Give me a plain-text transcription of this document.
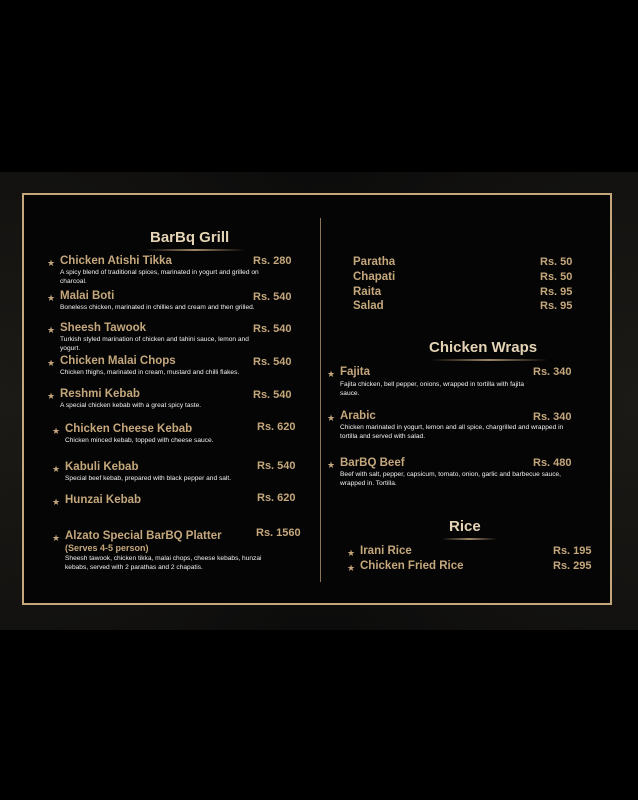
BarBq Grill
★ Chicken Atishi Tikka	Rs. 280
A spicy blend of traditional spices, marinated in yogurt and grilled on charcoal.
★ Malai Boti	Rs. 540
Boneless chicken, marinated in chillies and cream and then grilled.
★ Sheesh Tawook	Rs. 540
Turkish styled marination of chicken and tahini sauce, lemon and yogurt.
★ Chicken Malai Chops	Rs. 540
Chicken thighs, marinated in cream, mustard and chilli flakes.
★ Reshmi Kebab	Rs. 540
A special chicken kebab with a great spicy taste.
★ Chicken Cheese Kebab	Rs. 620
Chicken minced kebab, topped with cheese sauce.
★ Kabuli Kebab	Rs. 540
Special beef kebab, prepared with black pepper and salt.
★ Hunzai Kebab	Rs. 620
★ Alzato Special BarBQ Platter	Rs. 1560
(Serves 4-5 person)
Sheesh tawook, chicken tikka, malai chops, cheese kebabs, hunzai kebabs, served with 2 parathas and 2 chapatis.
Paratha	Rs. 50
Chapati	Rs. 50
Raita	Rs. 95
Salad	Rs. 95
Chicken Wraps
★ Fajita	Rs. 340
Fajita chicken, bell pepper, onions, wrapped in tortilla with fajita sauce.
★ Arabic	Rs. 340
Chicken marinated in yogurt, lemon and all spice, chargrilled and wrapped in tortilla and served with salad.
★ BarBQ Beef	Rs. 480
Beef with salt, pepper, capsicum, tomato, onion, garlic and barbecue sauce, wrapped in. Tortilla.
Rice
★ Irani Rice	Rs. 195
★ Chicken Fried Rice	Rs. 295
